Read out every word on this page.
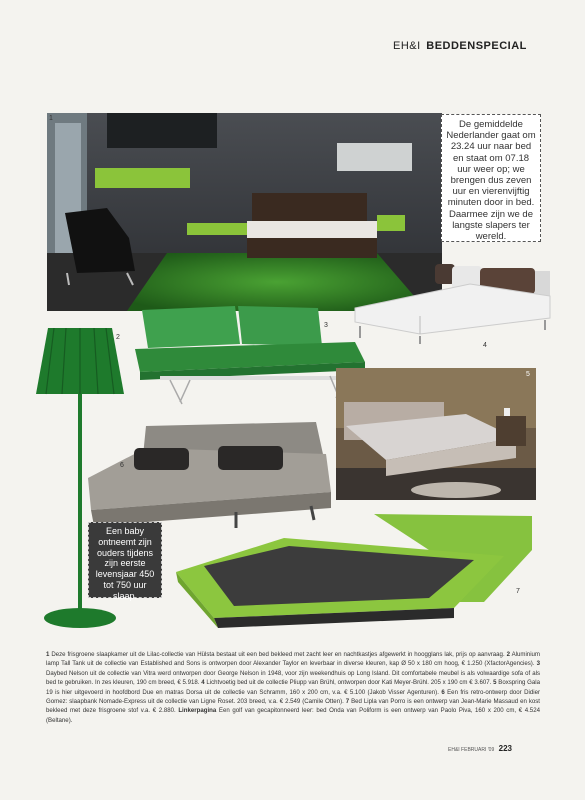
EH&I BEDDENSPECIAL
1
De gemiddelde Nederlander gaat om 23.24 uur naar bed en staat om 07.18 uur weer op; we brengen dus zeven uur en vierenvijftig minuten door in bed. Daarmee zijn we de langste slapers ter wereld.
4
2
3
5
6
Een baby ontneemt zijn ouders tijdens zijn eerste levensjaar 450 tot 750 uur slaap.	7
1 Deze frisgroene slaapkamer uit de Lilac-collectie van Hülsta bestaat uit een bed bekleed met zacht leer en nachtkastjes afgewerkt in hoogglans lak, prijs op aanvraag. 2 Aluminium lamp Tall Tank uit de collectie van Established and Sons is ontworpen door Alexander Taylor en leverbaar in diverse kleuren, kap Ø 50 x 180 cm hoog, € 1.250 (XfactorAgencies). 3 Daybed Nelson uit de collectie van Vitra werd ontworpen door George Nelson in 1948, voor zijn weekendhuis op Long Island. Dit comfortabele meubel is als volwaardige sofa of als bed te gebruiken. In zes kleuren, 190 cm breed, € 5.918. 4 Lichtvoetig bed uit de collectie Pliupp van Brühl, ontworpen door Kati Meyer-Brühl. 205 x 190 cm € 3.607. 5 Boxspring Gala 19 is hier uitgevoerd in hoofdbord Due en matras Dorsa uit de collectie van Schramm, 160 x 200 cm, v.a. € 5.100 (Jakob Visser Agenturen). 6 Een fris retro-ontwerp door Didier Gomez: slaapbank Nomade-Express uit de collectie van Ligne Roset. 203 breed, v.a. € 2.549 (Camile Otten). 7 Bed Lipla van Porro is een ontwerp van Jean-Marie Massaud en kost bekleed met deze frisgroene stof v.a. € 2.880. Linkerpagina Een golf van gecapitonneerd leer: bed Onda van Poliform is een ontwerp van Paolo Piva, 160 x 200 cm, € 4.524 (Beltane).
EH&I FEBRUARI '09 223
